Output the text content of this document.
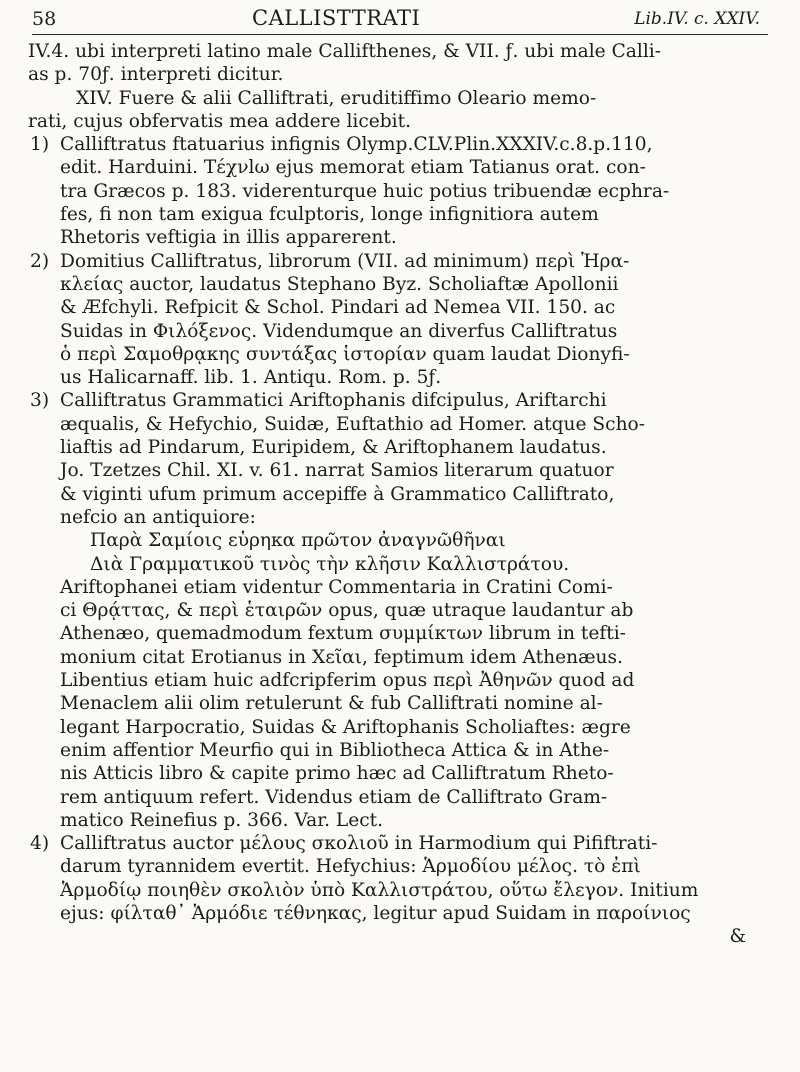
58	CALLISTTRATI	Lib.IV. c. XXIV.
IV.4. ubi interpreti latino male Callifthenes, & VII. ƒ. ubi male Calli-
as p. 70ƒ. interpreti dicitur.
XIV. Fuere & alii Calliftrati, eruditiffimo Oleario memo-
rati, cujus obfervatis mea addere licebit.
1) Calliftratus ftatuarius infignis Olymp.CLV.Plin.XXXIV.c.8.p.110,
edit. Harduini. Τέχνlω ejus memorat etiam Tatianus orat. con-
tra Græcos p. 183. viderenturque huic potius tribuendæ ecphra-
fes, fi non tam exigua fculptoris, longe infignitiora autem
Rhetoris veftigia in illis apparerent.
2) Domitius Calliftratus, librorum (VII. ad minimum) περὶ Ἡρα-
κλείας auctor, laudatus Stephano Byz. Scholiaftæ Apollonii
& Æfchyli. Refpicit & Schol. Pindari ad Nemea VII. 150. ac
Suidas in Φιλόξενος. Videndumque an diverfus Calliftratus
ὁ περὶ Σαμοθρᾳκης συντάξας ἱστορίαν quam laudat Dionyfi-
us Halicarnaff. lib. 1. Antiqu. Rom. p. 5ƒ.
3) Calliftratus Grammatici Ariftophanis difcipulus, Ariftarchi
æqualis, & Hefychio, Suidæ, Euftathio ad Homer. atque Scho-
liaftis ad Pindarum, Euripidem, & Ariftophanem laudatus.
Jo. Tzetzes Chil. XI. v. 61. narrat Samios literarum quatuor
& viginti ufum primum accepiffe à Grammatico Calliftrato,
nefcio an antiquiore:
Παρὰ Σαμίοις εὑρηκα πρῶτον ἀναγνῶθῆναι
Διὰ Γραμματικοῦ τινὸς τὴν κλῆσιν Καλλιστράτου.
Ariftophanei etiam videntur Commentaria in Cratini Comi-
ci Θρᾴττας, & περὶ ἑταιρῶν opus, quæ utraque laudantur ab
Athenæo, quemadmodum fextum συμμίκτων librum in tefti-
monium citat Erotianus in Χεῖαι, feptimum idem Athenæus.
Libentius etiam huic adfcripferim opus περὶ Ἀθηνῶν quod ad
Menaclem alii olim retulerunt & fub Calliftrati nomine al-
legant Harpocratio, Suidas & Ariftophanis Scholiaftes: ægre
enim affentior Meurfio qui in Bibliotheca Attica & in Athe-
nis Atticis libro & capite primo hæc ad Calliftratum Rheto-
rem antiquum refert. Videndus etiam de Calliftrato Gram-
matico Reinefius p. 366. Var. Lect.
4) Calliftratus auctor μέλους σκολιοῦ in Harmodium qui Pififtrati-
darum tyrannidem evertit. Hefychius: Ἁρμοδίου μέλος. τὸ ἐπὶ
Ἁρμοδίῳ ποιηθὲν σκολιὸν ὑπὸ Καλλιστράτου, οὕτω ἔλεγον. Initium
ejus: φίλταθ᾽ Ἁρμόδιε τέθνηκας, legitur apud Suidam in παροίνιος
&
